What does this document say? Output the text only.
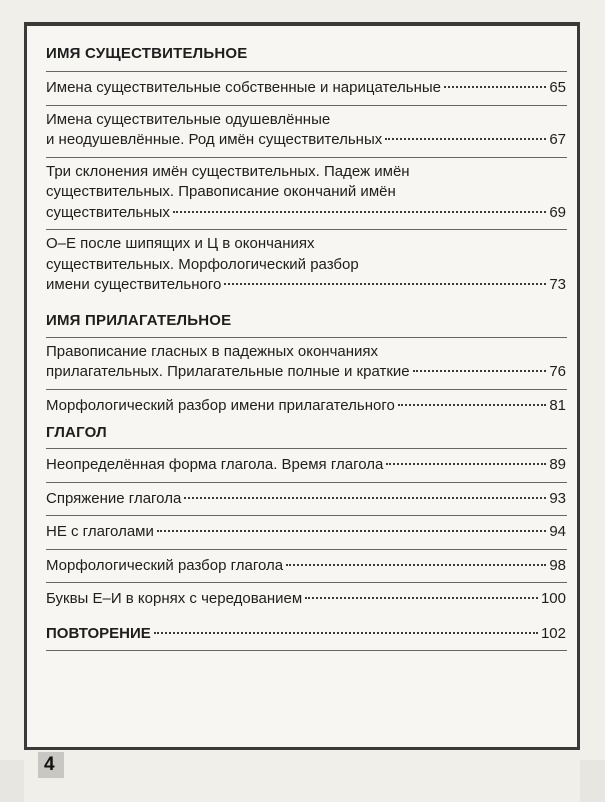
ИМЯ СУЩЕСТВИТЕЛЬНОЕ
Имена существительные собственные и нарицательные	65
Имена существительные одушевлённые
и неодушевлённые. Род имён существительных	67
Три склонения имён существительных. Падеж имён
существительных. Правописание окончаний имён
существительных	69
О–Е после шипящих и Ц в окончаниях
существительных. Морфологический разбор
имени существительного	73
ИМЯ ПРИЛАГАТЕЛЬНОЕ
Правописание гласных в падежных окончаниях
прилагательных. Прилагательные полные и краткие	76
Морфологический разбор имени прилагательного	81
ГЛАГОЛ
Неопределённая форма глагола. Время глагола	89
Спряжение глагола	93
НЕ с глаголами	94
Морфологический разбор глагола	98
Буквы Е–И в корнях с чередованием	100
ПОВТОРЕНИЕ	102
4
